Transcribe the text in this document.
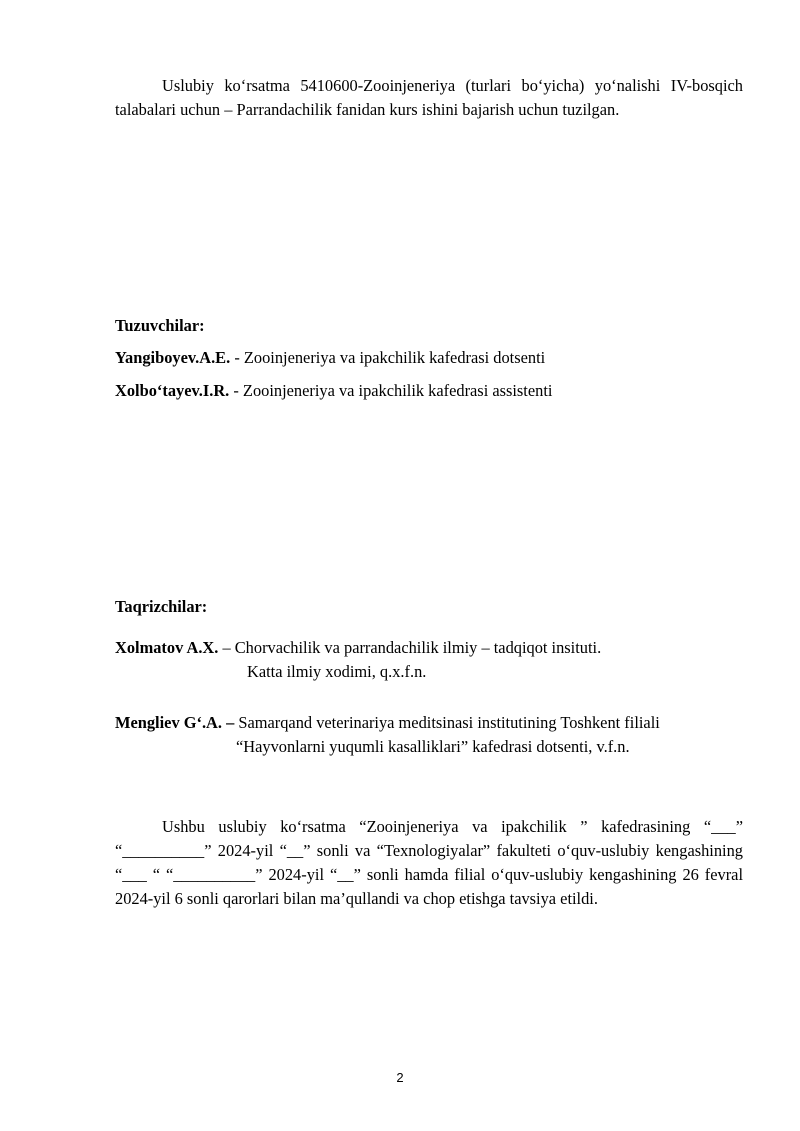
Uslubiy ko‘rsatma 5410600-Zooinjeneriya (turlari bo‘yicha) yo‘nalishi IV-bosqich talabalari uchun – Parrandachilik fanidan kurs ishini bajarish uchun tuzilgan.

Tuzuvchilar:
Yangiboyev.A.E. - Zooinjeneriya va ipakchilik kafedrasi dotsenti
Xolbo‘tayev.I.R. - Zooinjeneriya va ipakchilik kafedrasi assistenti
Taqrizchilar:
Xolmatov A.X. – Chorvachilik va parrandachilik ilmiy – tadqiqot insituti.
Katta ilmiy xodimi, q.x.f.n.
Mengliev G‘.A. – Samarqand veterinariya meditsinasi institutining Toshkent filiali
“Hayvonlarni yuqumli kasalliklari” kafedrasi dotsenti, v.f.n.

Ushbu uslubiy ko‘rsatma “Zooinjeneriya va ipakchilik ” kafedrasining “___” “__________” 2024-yil “__” sonli va “Texnologiyalar” fakulteti o‘quv-uslubiy kengashining “___ “ “__________” 2024-yil “__” sonli hamda filial o‘quv-uslubiy kengashining 26 fevral 2024-yil 6 sonli qarorlari bilan ma’qullandi va chop etishga tavsiya etildi.

2
